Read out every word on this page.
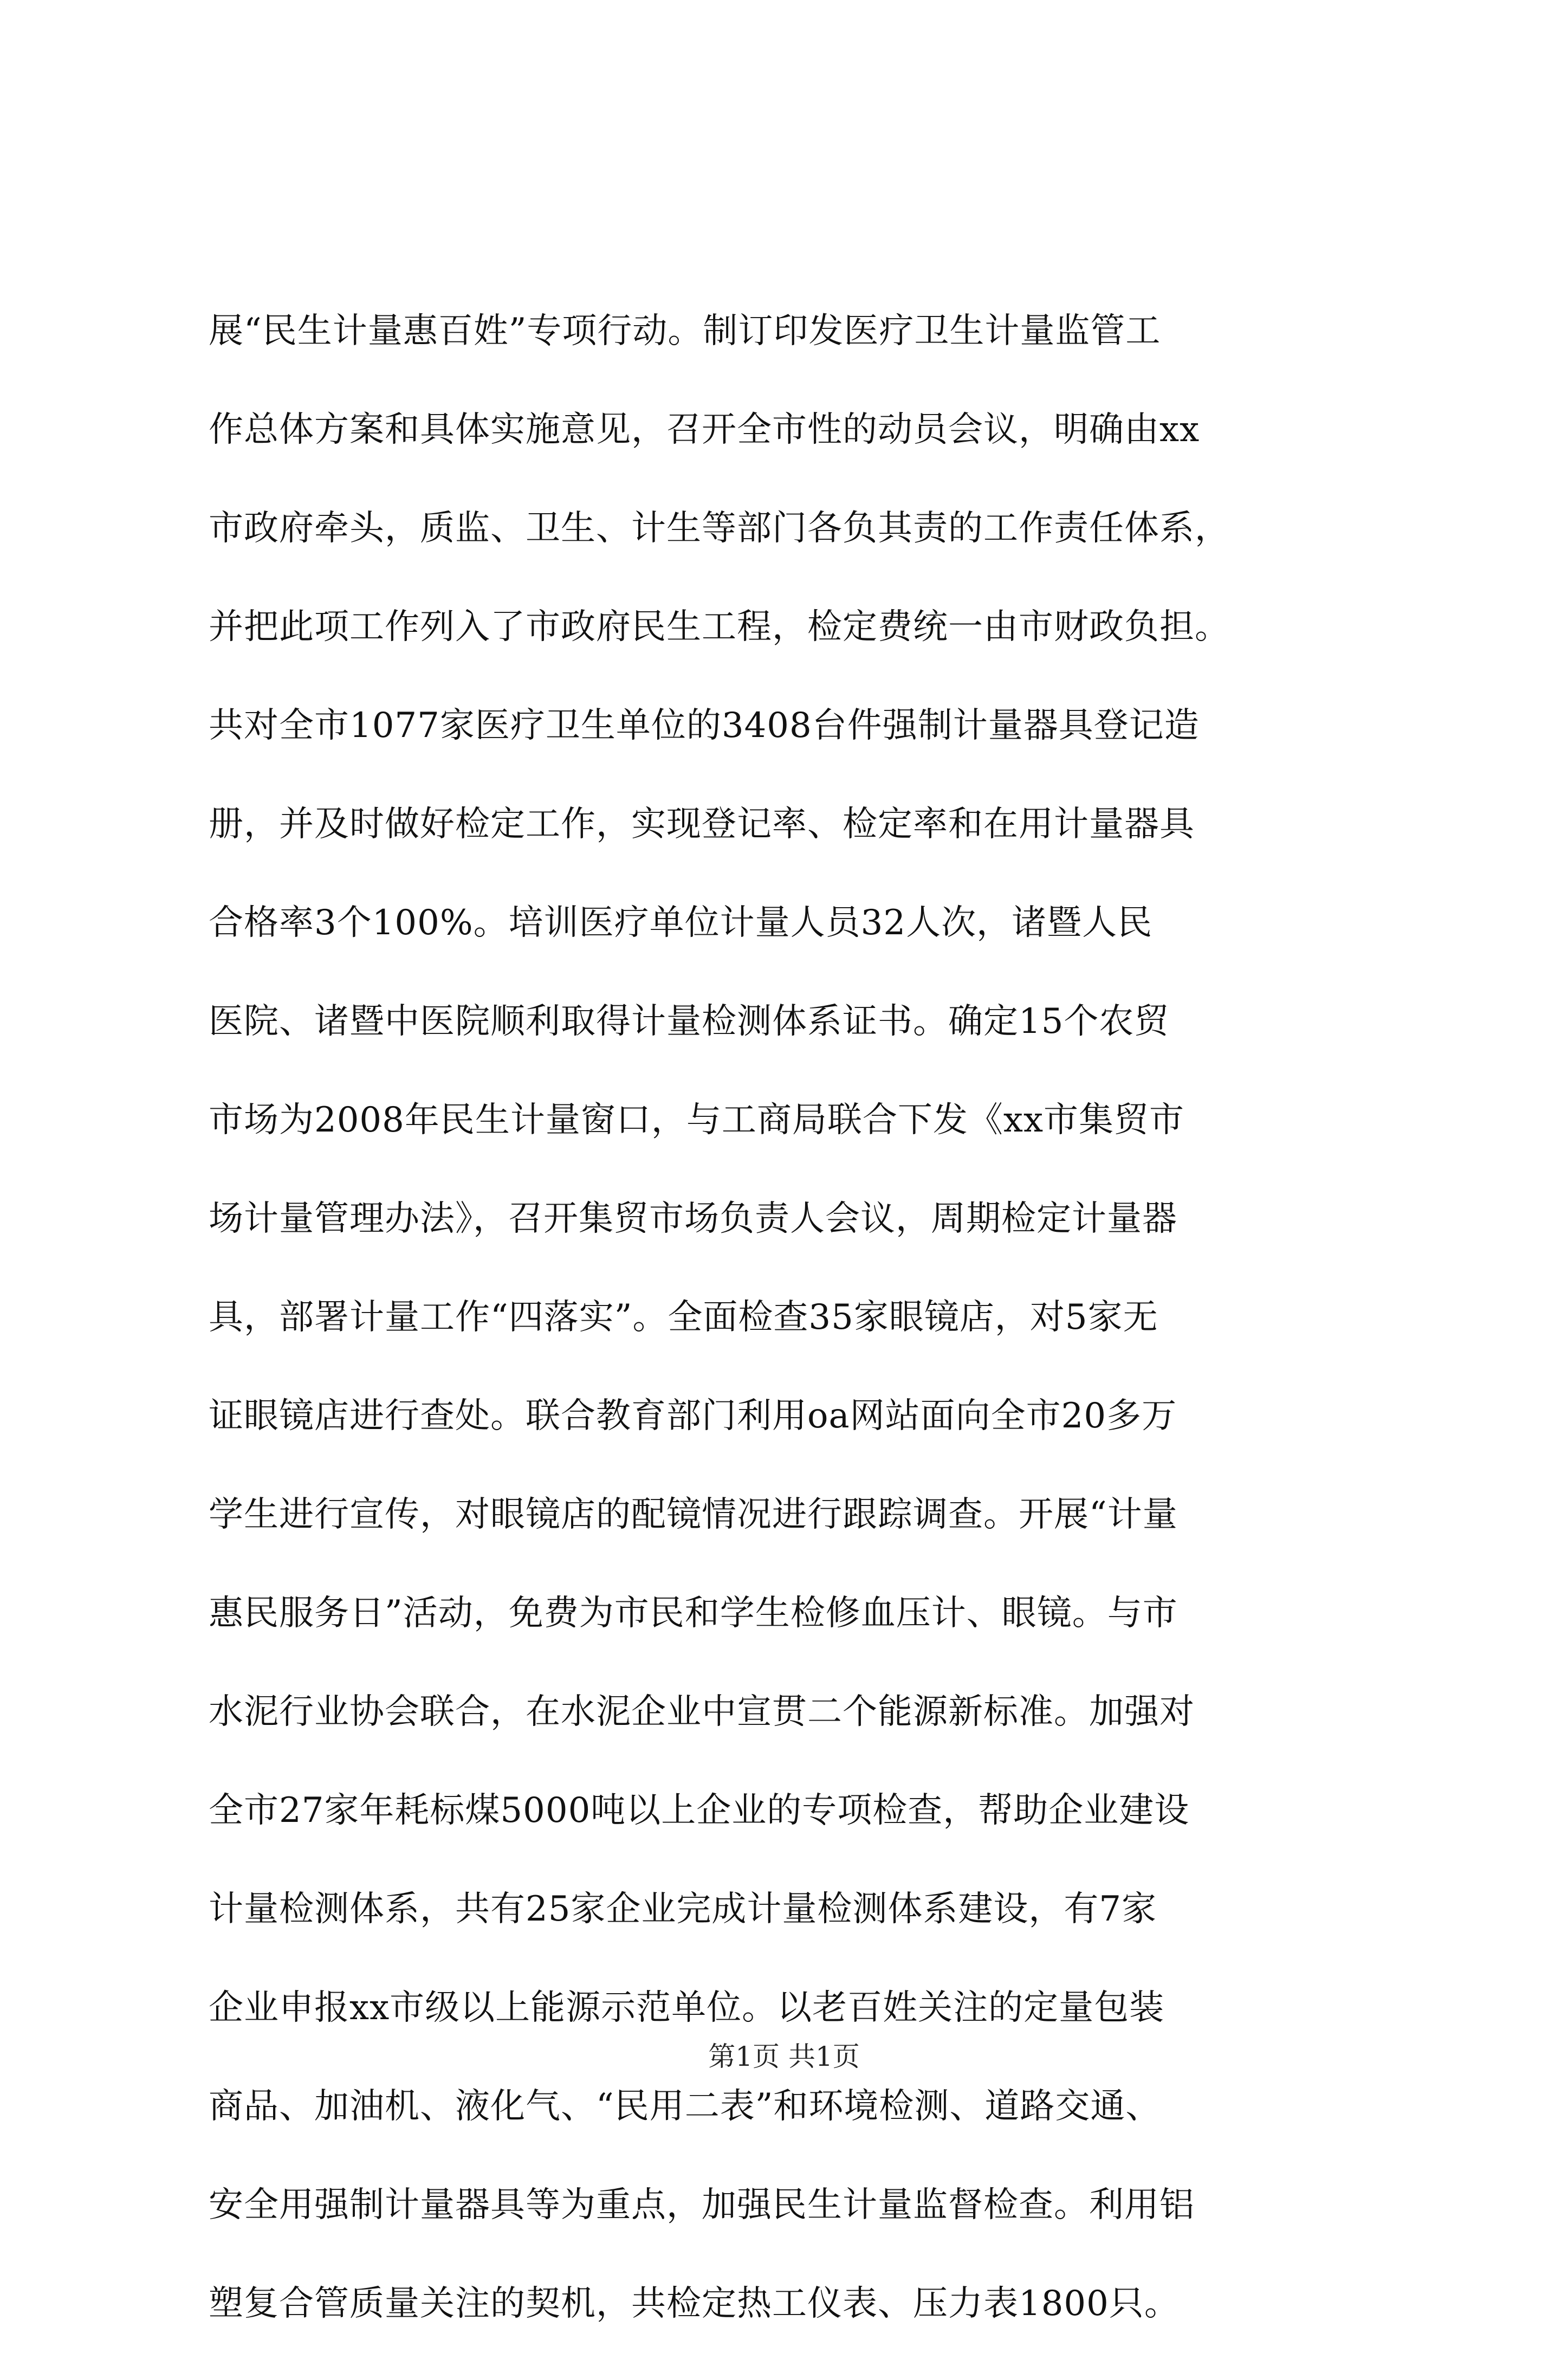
展“民生计量惠百姓”专项行动。制订印发医疗卫生计量监管工
作总体方案和具体实施意见，召开全市性的动员会议，明确由xx
市政府牵头，质监、卫生、计生等部门各负其责的工作责任体系，
并把此项工作列入了市政府民生工程，检定费统一由市财政负担。
共对全市1077家医疗卫生单位的3408台件强制计量器具登记造
册，并及时做好检定工作，实现登记率、检定率和在用计量器具
合格率3个100%。培训医疗单位计量人员32人次，诸暨人民
医院、诸暨中医院顺利取得计量检测体系证书。确定15个农贸
市场为2008年民生计量窗口，与工商局联合下发《xx市集贸市
场计量管理办法》，召开集贸市场负责人会议，周期检定计量器
具，部署计量工作“四落实”。全面检查35家眼镜店，对5家无
证眼镜店进行查处。联合教育部门利用oa网站面向全市20多万
学生进行宣传，对眼镜店的配镜情况进行跟踪调查。开展“计量
惠民服务日”活动，免费为市民和学生检修血压计、眼镜。与市
水泥行业协会联合，在水泥企业中宣贯二个能源新标准。加强对
全市27家年耗标煤5000吨以上企业的专项检查，帮助企业建设
计量检测体系，共有25家企业完成计量检测体系建设，有7家
企业申报xx市级以上能源示范单位。以老百姓关注的定量包装
商品、加油机、液化气、“民用二表”和环境检测、道路交通、
安全用强制计量器具等为重点，加强民生计量监督检查。利用铝
塑复合管质量关注的契机，共检定热工仪表、压力表1800只。
第1页 共1页
